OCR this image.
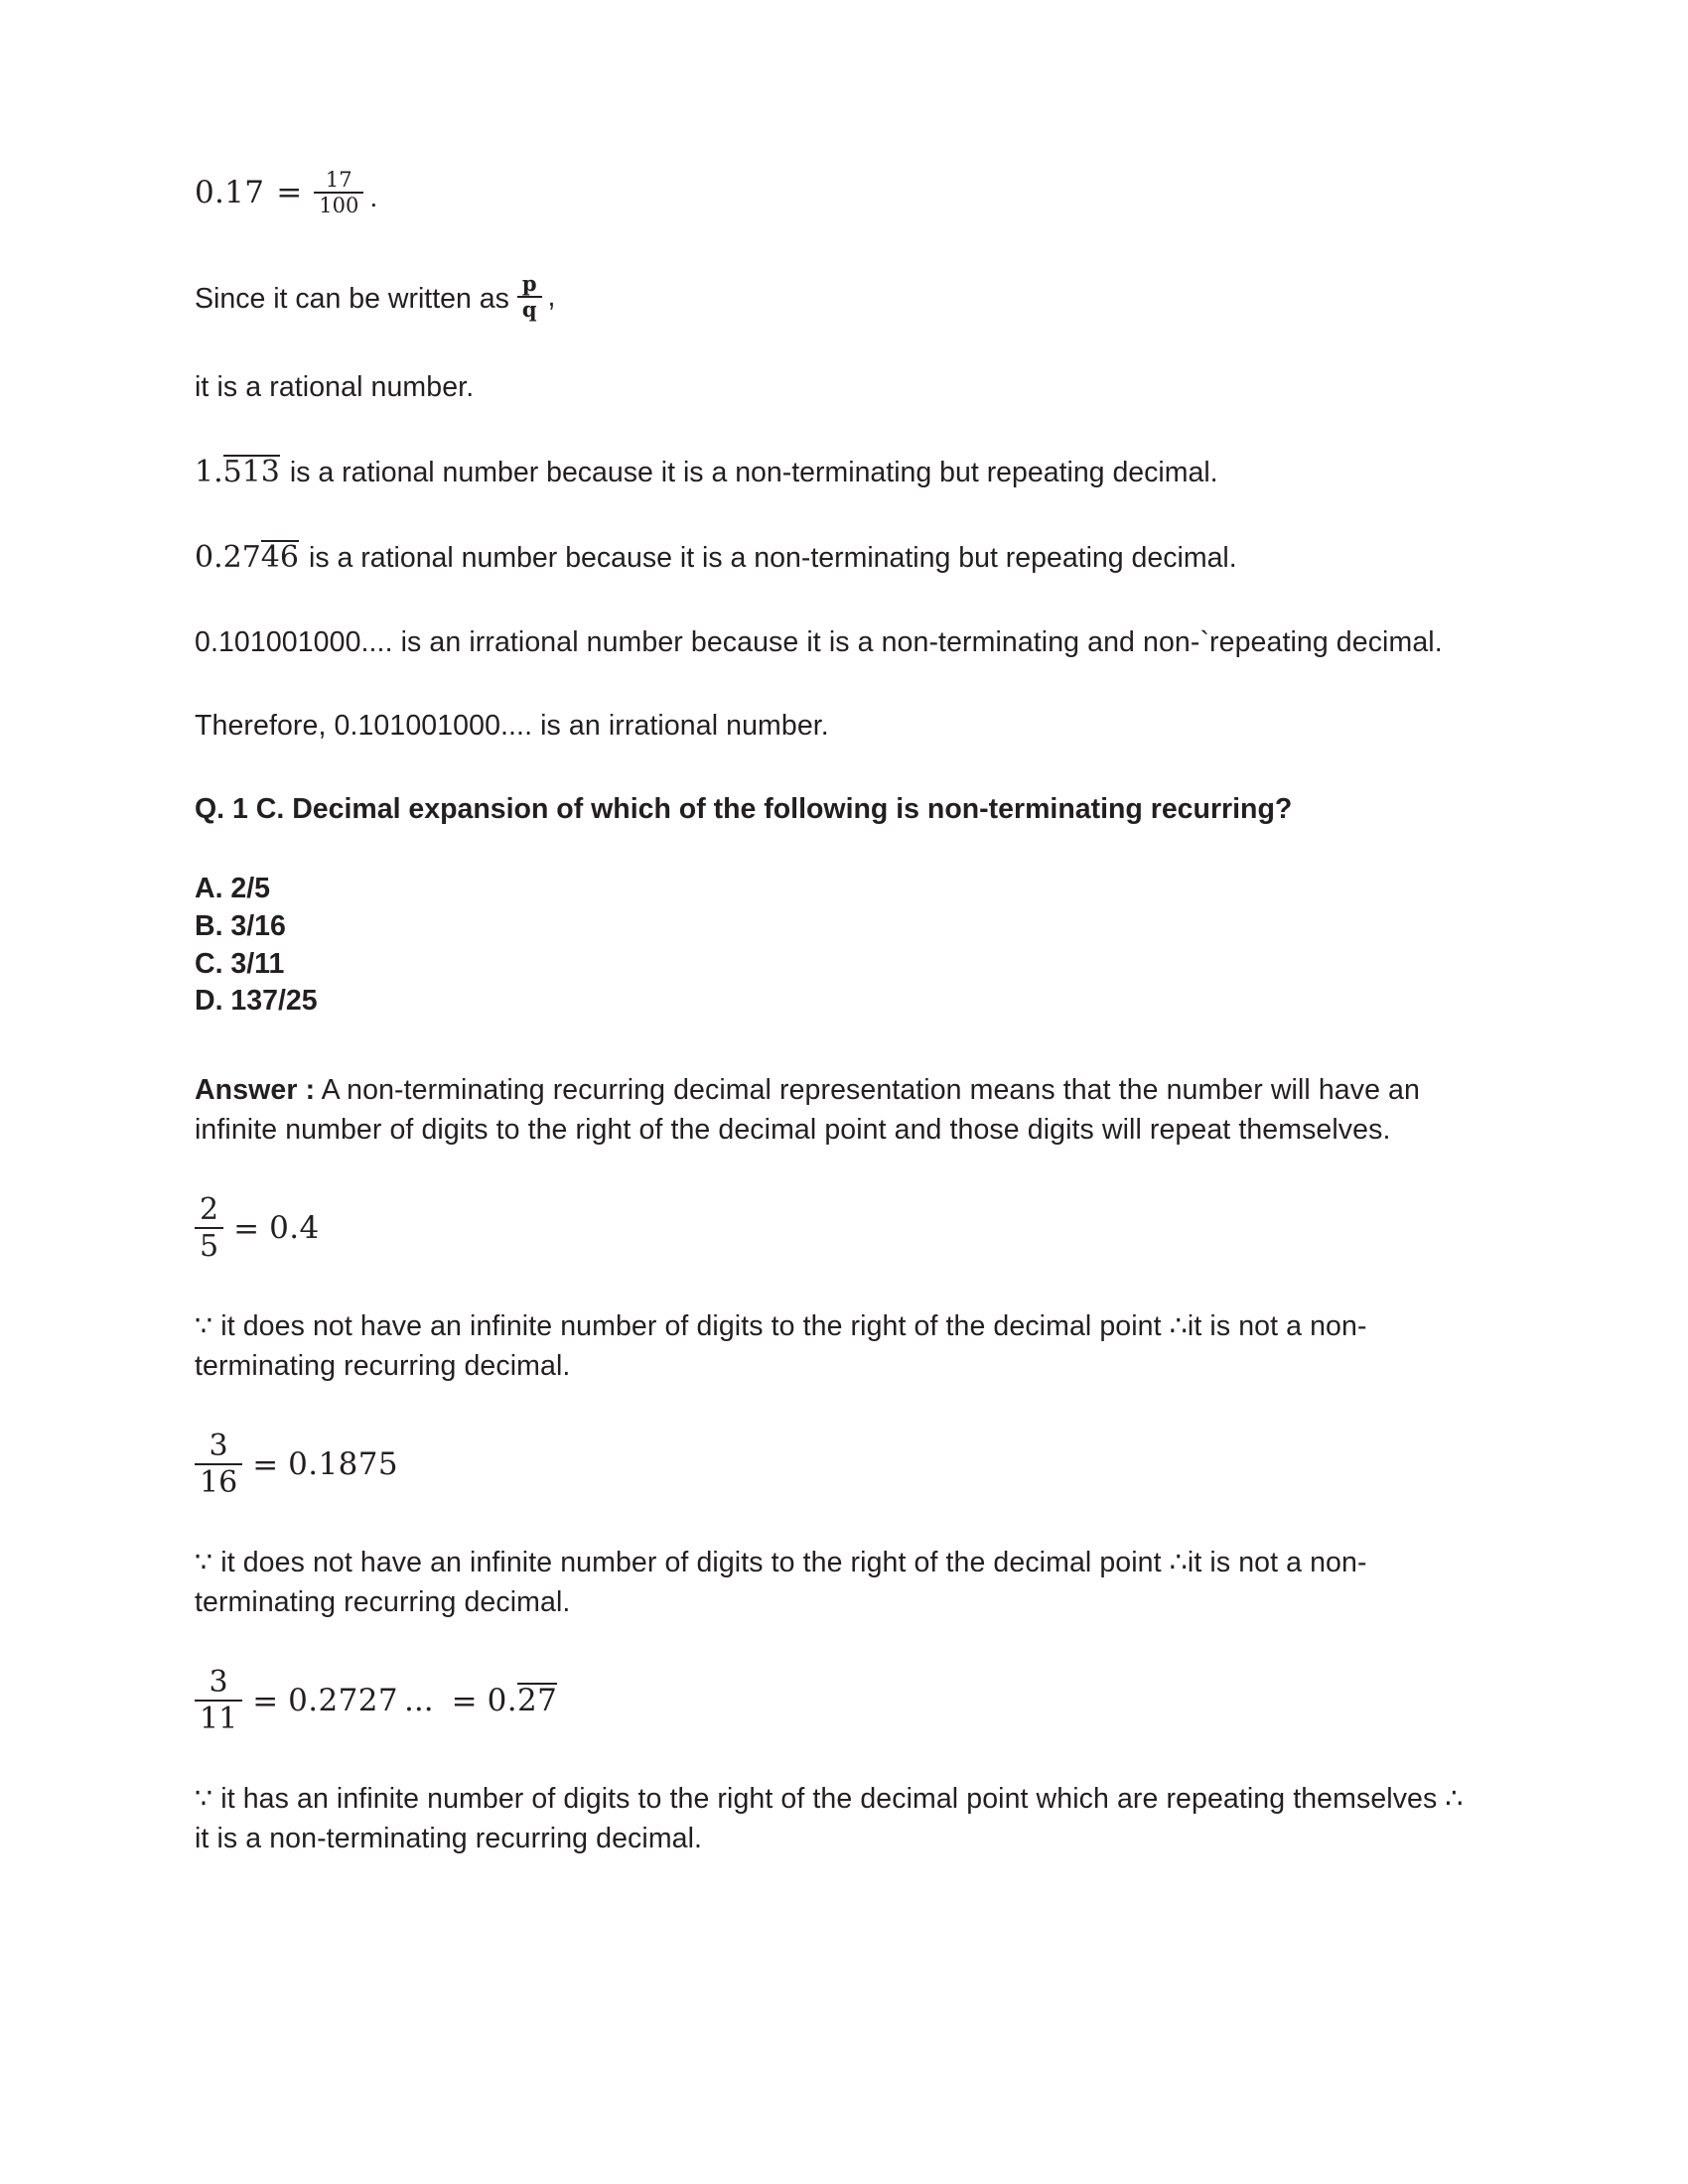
$0.17 = \frac{17}{100}$ .
Since it can be written as $\frac{p}{q}$ ,

it is a rational number.

1.513 is a rational number because it is a non-terminating but repeating decimal.
0.2746 is a rational number because it is a non-terminating but repeating decimal.

0.101001000.... is an irrational number because it is a non-terminating and non-`repeating decimal.

Therefore, 0.101001000.... is an irrational number.

Q. 1 C. Decimal expansion of which of the following is non-terminating recurring?

A. 2/5
B. 3/16
C. 3/11
D. 137/25

Answer : A non-terminating recurring decimal representation means that the number will have an infinite number of digits to the right of the decimal point and those digits will repeat themselves.

$\frac{2}{5} = 0.4$

∵ it does not have an infinite number of digits to the right of the decimal point ∴it is not a non-terminating recurring decimal.

$\frac{3}{16} = 0.1875$

∵ it does not have an infinite number of digits to the right of the decimal point ∴it is not a non-terminating recurring decimal.

$\frac{3}{11} = 0.2727$ ... = 0.27

∵ it has an infinite number of digits to the right of the decimal point which are repeating themselves ∴ it is a non-terminating recurring decimal.
